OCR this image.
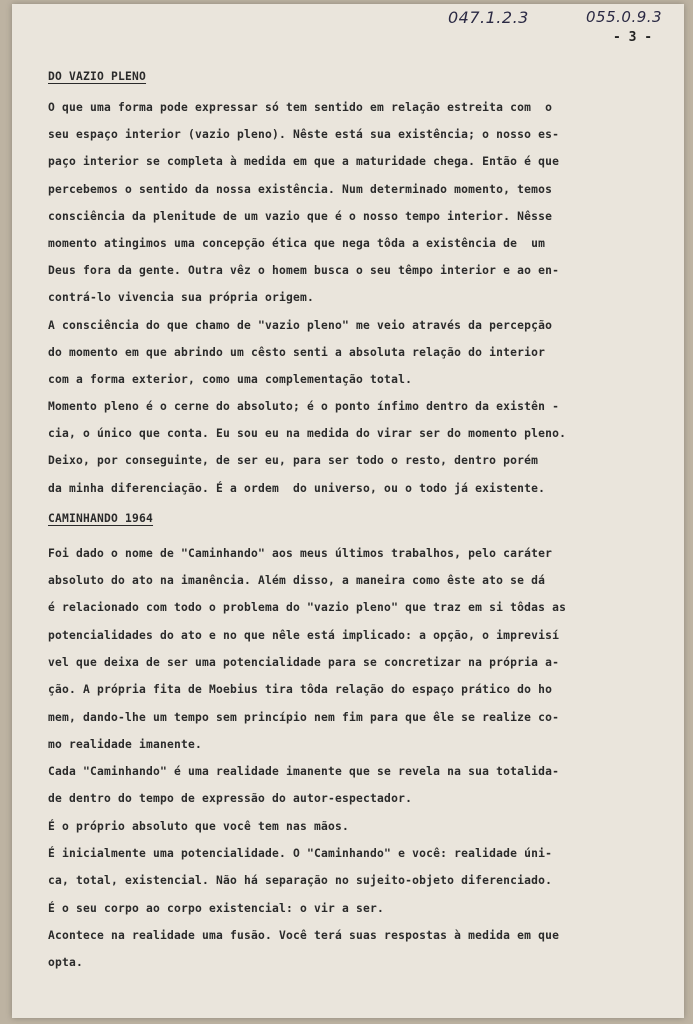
047.1.2.3	055.0.9.3
- 3 -
DO VAZIO PLENO
O que uma forma pode expressar só tem sentido em relação estreita com  o
seu espaço interior (vazio pleno). Nêste está sua existência; o nosso es-
paço interior se completa à medida em que a maturidade chega. Então é que
percebemos o sentido da nossa existência. Num determinado momento, temos
consciência da plenitude de um vazio que é o nosso tempo interior. Nêsse
momento atingimos uma concepção ética que nega tôda a existência de  um
Deus fora da gente. Outra vêz o homem busca o seu têmpo interior e ao en-
contrá-lo vivencia sua própria origem.
A consciência do que chamo de "vazio pleno" me veio através da percepção
do momento em que abrindo um cêsto senti a absoluta relação do interior
com a forma exterior, como uma complementação total.
Momento pleno é o cerne do absoluto; é o ponto ínfimo dentro da existên -
cia, o único que conta. Eu sou eu na medida do virar ser do momento pleno.
Deixo, por conseguinte, de ser eu, para ser todo o resto, dentro porém
da minha diferenciação. É a ordem  do universo, ou o todo já existente.
CAMINHANDO 1964
Foi dado o nome de "Caminhando" aos meus últimos trabalhos, pelo caráter
absoluto do ato na imanência. Além disso, a maneira como êste ato se dá
é relacionado com todo o problema do "vazio pleno" que traz em si tôdas as
potencialidades do ato e no que nêle está implicado: a opção, o imprevisí
vel que deixa de ser uma potencialidade para se concretizar na própria a-
ção. A própria fita de Moebius tira tôda relação do espaço prático do ho
mem, dando-lhe um tempo sem princípio nem fim para que êle se realize co-
mo realidade imanente.
Cada "Caminhando" é uma realidade imanente que se revela na sua totalida-
de dentro do tempo de expressão do autor-espectador.
É o próprio absoluto que você tem nas mãos.
É inicialmente uma potencialidade. O "Caminhando" e você: realidade úni-
ca, total, existencial. Não há separação no sujeito-objeto diferenciado.
É o seu corpo ao corpo existencial: o vir a ser.
Acontece na realidade uma fusão. Você terá suas respostas à medida em que
opta.
